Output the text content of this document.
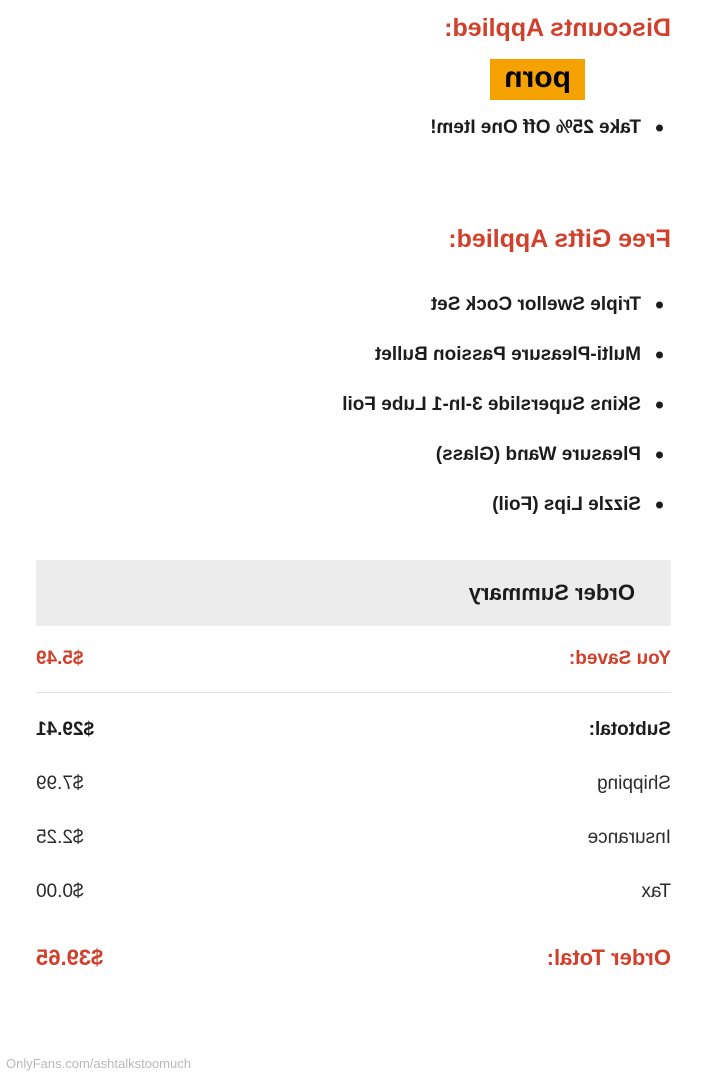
Discounts Applied:
porn
Take 25% Off One Item!
Free Gifts Applied:
Triple Swellor Cock Set
Multi-Pleasure Passion Bullet
Skins Superslide 3-In-1 Lube Foil
Pleasure Wand (Glass)
Sizzle Lips (Foil)
Order Summary
You Saved:	$5.49
Subtotal:	$29.41
Shipping	$7.99
Insurance	$2.25
Tax	$0.00
Order Total:	$39.65
OnlyFans.com/ashtalkstoomuch
